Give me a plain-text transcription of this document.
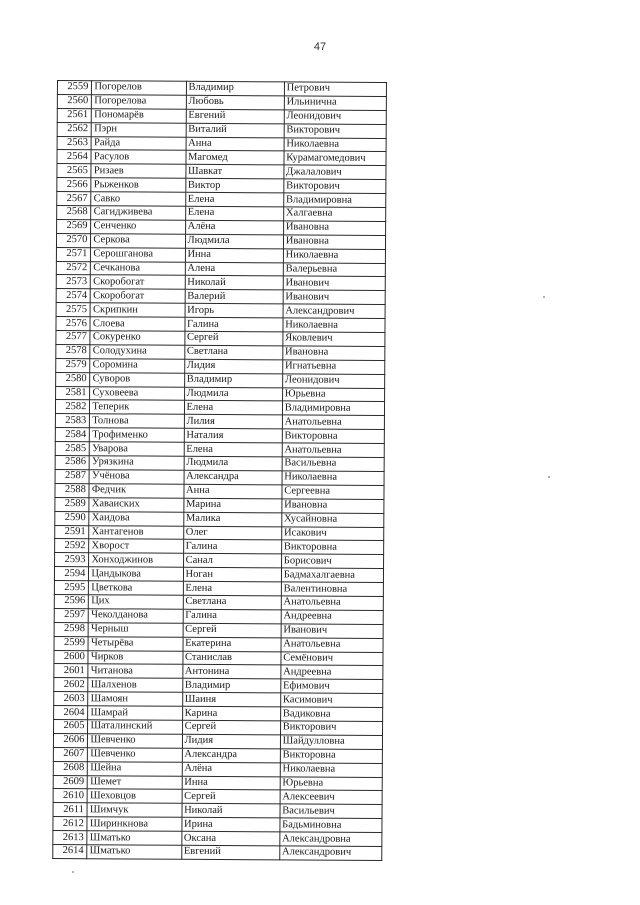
47
2559	Погорелов	Владимир	Петрович
2560	Погорелова	Любовь	Ильинична
2561	Пономарёв	Евгений	Леонидович
2562	Пэрн	Виталий	Викторович
2563	Райда	Анна	Николаевна
2564	Расулов	Магомед	Курамагомедович
2565	Ризаев	Шавкат	Джалалович
2566	Рыженков	Виктор	Викторович
2567	Савко	Елена	Владимировна
2568	Сагидживева	Елена	Халгаевна
2569	Сенченко	Алёна	Ивановна
2570	Серкова	Людмила	Ивановна
2571	Серошганова	Инна	Николаевна
2572	Сечканова	Алена	Валерьевна
2573	Скоробогат	Николай	Иванович
2574	Скоробогат	Валерий	Иванович
2575	Скрипкин	Игорь	Александрович
2576	Слоева	Галина	Николаевна
2577	Сокуренко	Сергей	Яковлевич
2578	Солодухина	Светлана	Ивановна
2579	Соромина	Лидия	Игнатьевна
2580	Суворов	Владимир	Леонидович
2581	Суховеева	Людмила	Юрьевна
2582	Теперик	Елена	Владимировна
2583	Толнова	Лилия	Анатольевна
2584	Трофименко	Наталия	Викторовна
2585	Уварова	Елена	Анатольевна
2586	Урязкина	Людмила	Васильевна
2587	Учёнова	Александра	Николаевна
2588	Федчик	Анна	Сергеевна
2589	Хаваиских	Марина	Ивановна
2590	Хаидова	Малика	Хусайновна
2591	Хантагенов	Олег	Исакович
2592	Хворост	Галина	Викторовна
2593	Хонходжинов	Санал	Борисович
2594	Цандыкова	Ноган	Бадмахалгаевна
2595	Цветкова	Елена	Валентиновна
2596	Цих	Светлана	Анатольевна
2597	Чеколданова	Галина	Андреевна
2598	Черныш	Сергей	Иванович
2599	Четырёва	Екатерина	Анатольевна
2600	Чирков	Станислав	Семёнович
2601	Читанова	Антонина	Андреевна
2602	Шалхенов	Владимир	Ефимович
2603	Шамоян	Шаиня	Касимович
2604	Шамрай	Карина	Вадиковна
2605	Шаталинский	Сергей	Викторович
2606	Шевченко	Лидия	Шайдулловна
2607	Шевченко	Александра	Викторовна
2608	Шейна	Алёна	Николаевна
2609	Шемет	Инна	Юрьевна
2610	Шеховцов	Сергей	Алексеевич
2611	Шимчук	Николай	Васильевич
2612	Ширинкнова	Ирина	Бадьминовна
2613	Шматько	Оксана	Александровна
2614	Шматько	Евгений	Александрович
